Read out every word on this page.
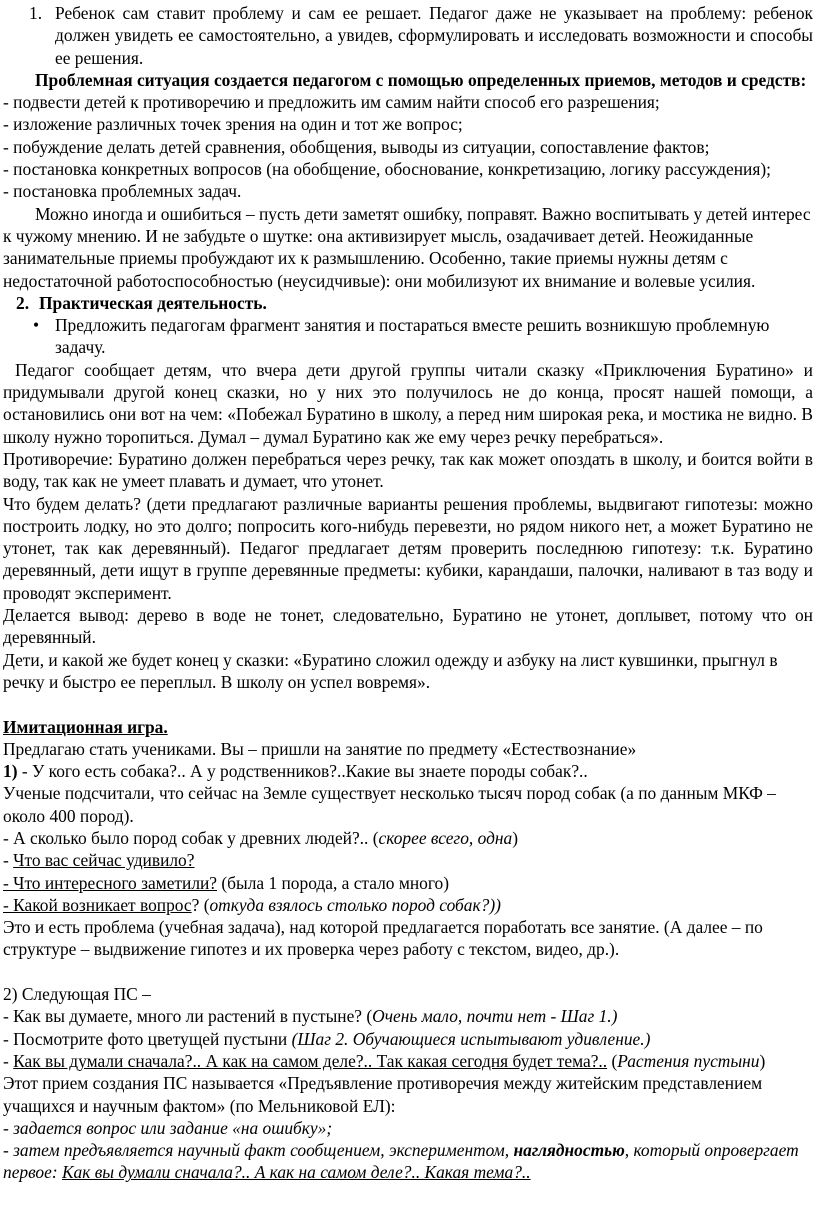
1. Ребенок сам ставит проблему и сам ее решает. Педагог даже не указывает на проблему: ребенок должен увидеть ее самостоятельно, а увидев, сформулировать и исследовать возможности и способы ее решения.

Проблемная ситуация создается педагогом с помощью определенных приемов, методов и средств:

- подвести детей к противоречию и предложить им самим найти способ его разрешения;

- изложение различных точек зрения на один и тот же вопрос;

- побуждение делать детей сравнения, обобщения, выводы из ситуации, сопоставление фактов;

- постановка конкретных вопросов (на обобщение, обоснование, конкретизацию, логику рассуждения);

- постановка проблемных задач.

Можно иногда и ошибиться – пусть дети заметят ошибку, поправят. Важно воспитывать у детей интерес к чужому мнению. И не забудьте о шутке: она активизирует мысль, озадачивает детей. Неожиданные занимательные приемы пробуждают их к размышлению. Особенно, такие приемы нужны детям с недостаточной работоспособностью (неусидчивые): они мобилизуют их внимание и волевые усилия.

2. Практическая деятельность.

• Предложить педагогам фрагмент занятия и постараться вместе решить возникшую проблемную задачу.

Педагог сообщает детям, что вчера дети другой группы читали сказку «Приключения Буратино» и придумывали другой конец сказки, но у них это получилось не до конца, просят нашей помощи, а остановились они вот на чем: «Побежал Буратино в школу, а перед ним широкая река, и мостика не видно. В школу нужно торопиться. Думал – думал Буратино как же ему через речку перебраться».

Противоречие: Буратино должен перебраться через речку, так как может опоздать в школу, и боится войти в воду, так как не умеет плавать и думает, что утонет.

Что будем делать? (дети предлагают различные варианты решения проблемы, выдвигают гипотезы: можно построить лодку, но это долго; попросить кого-нибудь перевезти, но рядом никого нет, а может Буратино не утонет, так как деревянный). Педагог предлагает детям проверить последнюю гипотезу: т.к. Буратино деревянный, дети ищут в группе деревянные предметы: кубики, карандаши, палочки, наливают в таз воду и проводят эксперимент.

Делается вывод: дерево в воде не тонет, следовательно, Буратино не утонет, доплывет, потому что он деревянный.

Дети, и какой же будет конец у сказки: «Буратино сложил одежду и азбуку на лист кувшинки, прыгнул в речку и быстро ее переплыл. В школу он успел вовремя».

Имитационная игра.

Предлагаю стать учениками. Вы – пришли на занятие по предмету «Естествознание»

1) - У кого есть собака?.. А у родственников?..Какие вы знаете породы собак?..

Ученые подсчитали, что сейчас на Земле существует несколько тысяч пород собак (а по данным МКФ – около 400 пород).

- А сколько было пород собак у древних людей?.. (скорее всего, одна)

- Что вас сейчас удивило?

- Что интересного заметили? (была 1 порода, а стало много)

- Какой возникает вопрос? (откуда взялось столько пород собак?))

Это и есть проблема (учебная задача), над которой предлагается поработать все занятие. (А далее – по структуре – выдвижение гипотез и их проверка через работу с текстом, видео, др.).

2) Следующая ПС –

- Как вы думаете, много ли растений в пустыне? (Очень мало, почти нет - Шаг 1.)

- Посмотрите фото цветущей пустыни (Шаг 2. Обучающиеся испытывают удивление.)

- Как вы думали сначала?.. А как на самом деле?.. Так какая сегодня будет тема?.. (Растения пустыни)

Этот прием создания ПС называется «Предъявление противоречия между житейским представлением учащихся и научным фактом» (по Мельниковой ЕЛ):

- задается вопрос или задание «на ошибку»;

- затем предъявляется научный факт сообщением, экспериментом, наглядностью, который опровергает первое: Как вы думали сначала?.. А как на самом деле?.. Какая тема?..
